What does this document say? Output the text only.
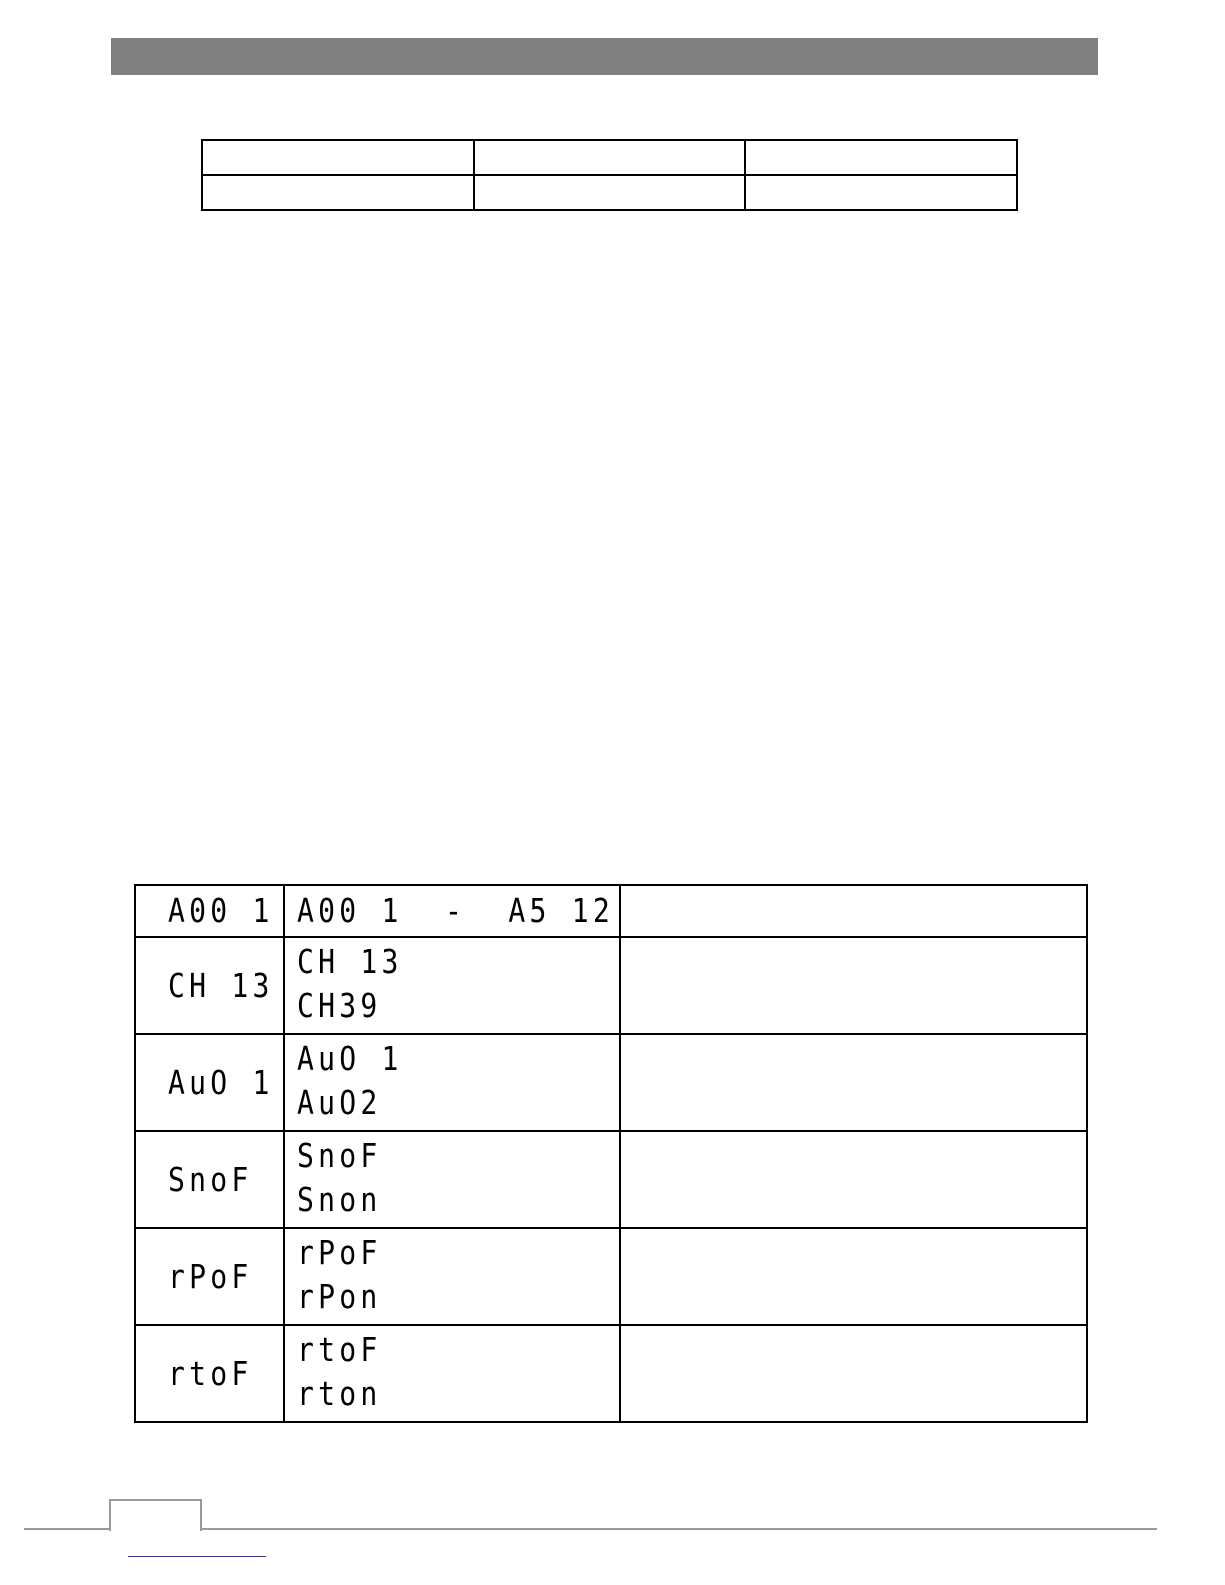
A00 1	A00 1  -  A5 12	

CH 13	CH 13
CH39	

AuO 1	AuO 1
AuO2	

SnoF	SnoF
Snon	

rPoF	rPoF
rPon	

rtoF	rtoF
rton	
